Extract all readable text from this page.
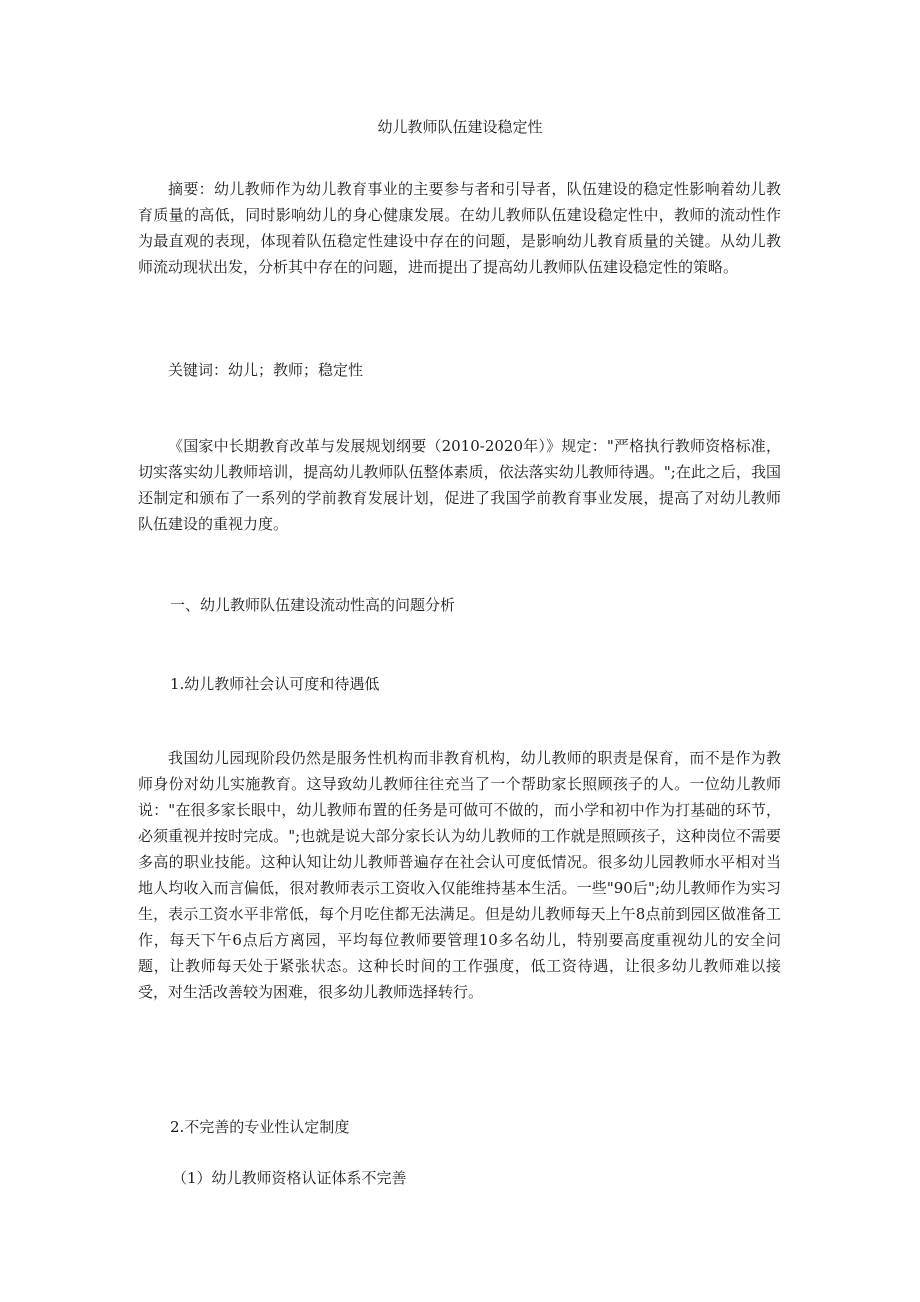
幼儿教师队伍建设稳定性
摘要：幼儿教师作为幼儿教育事业的主要参与者和引导者，队伍建设的稳定性影响着幼儿教育质量的高低，同时影响幼儿的身心健康发展。在幼儿教师队伍建设稳定性中，教师的流动性作为最直观的表现，体现着队伍稳定性建设中存在的问题，是影响幼儿教育质量的关键。从幼儿教师流动现状出发，分析其中存在的问题，进而提出了提高幼儿教师队伍建设稳定性的策略。
关键词：幼儿；教师；稳定性
《国家中长期教育改革与发展规划纲要（2010-2020年）》规定："严格执行教师资格标准，切实落实幼儿教师培训，提高幼儿教师队伍整体素质，依法落实幼儿教师待遇。";在此之后，我国还制定和颁布了一系列的学前教育发展计划，促进了我国学前教育事业发展，提高了对幼儿教师队伍建设的重视力度。
一、幼儿教师队伍建设流动性高的问题分析
1.幼儿教师社会认可度和待遇低
我国幼儿园现阶段仍然是服务性机构而非教育机构，幼儿教师的职责是保育，而不是作为教师身份对幼儿实施教育。这导致幼儿教师往往充当了一个帮助家长照顾孩子的人。一位幼儿教师说："在很多家长眼中，幼儿教师布置的任务是可做可不做的，而小学和初中作为打基础的环节，必须重视并按时完成。";也就是说大部分家长认为幼儿教师的工作就是照顾孩子，这种岗位不需要多高的职业技能。这种认知让幼儿教师普遍存在社会认可度低情况。很多幼儿园教师水平相对当地人均收入而言偏低，很对教师表示工资收入仅能维持基本生活。一些"90后";幼儿教师作为实习生，表示工资水平非常低，每个月吃住都无法满足。但是幼儿教师每天上午8点前到园区做准备工作，每天下午6点后方离园，平均每位教师要管理10多名幼儿，特别要高度重视幼儿的安全问题，让教师每天处于紧张状态。这种长时间的工作强度，低工资待遇，让很多幼儿教师难以接受，对生活改善较为困难，很多幼儿教师选择转行。
2.不完善的专业性认定制度
（1）幼儿教师资格认证体系不完善
